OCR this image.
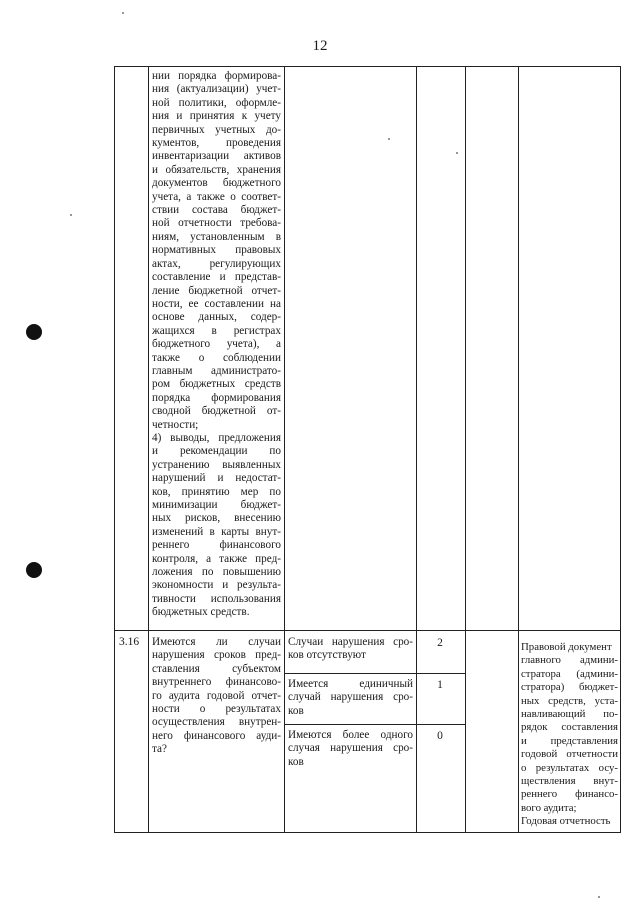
12
нии порядка формирова-
ния (актуализации) учет-
ной политики, оформле-
ния и принятия к учету
первичных учетных до-
кументов, проведения
инвентаризации активов
и обязательств, хранения
документов бюджетного
учета, а также о соответ-
ствии состава бюджет-
ной отчетности требова-
ниям, установленным в
нормативных правовых
актах, регулирующих
составление и представ-
ление бюджетной отчет-
ности, ее составлении на
основе данных, содер-
жащихся в регистрах
бюджетного учета), а
также о соблюдении
главным администрато-
ром бюджетных средств
порядка формирования
сводной бюджетной от-
четности;
4) выводы, предложения
и рекомендации по
устранению выявленных
нарушений и недостат-
ков, принятию мер по
минимизации бюджет-
ных рисков, внесению
изменений в карты внут-
реннего финансового
контроля, а также пред-
ложения по повышению
экономности и результа-
тивности использования
бюджетных средств.
3.16 Имеются ли случаи
нарушения сроков пред-
ставления субъектом
внутреннего финансово-
го аудита годовой отчет-
ности о результатах
осуществления внутрен-
него финансового ауди-
та?
Случаи нарушения сро-
ков отсутствуют
2
Имеется единичный
случай нарушения сро-
ков
1
Имеются более одного
случая нарушения сро-
ков
0
Правовой документ
главного админи-
стратора (админи-
стратора) бюджет-
ных средств, уста-
навливающий по-
рядок составления
и представления
годовой отчетности
о результатах осу-
ществления внут-
реннего финансо-
вого аудита;
Годовая отчетность
